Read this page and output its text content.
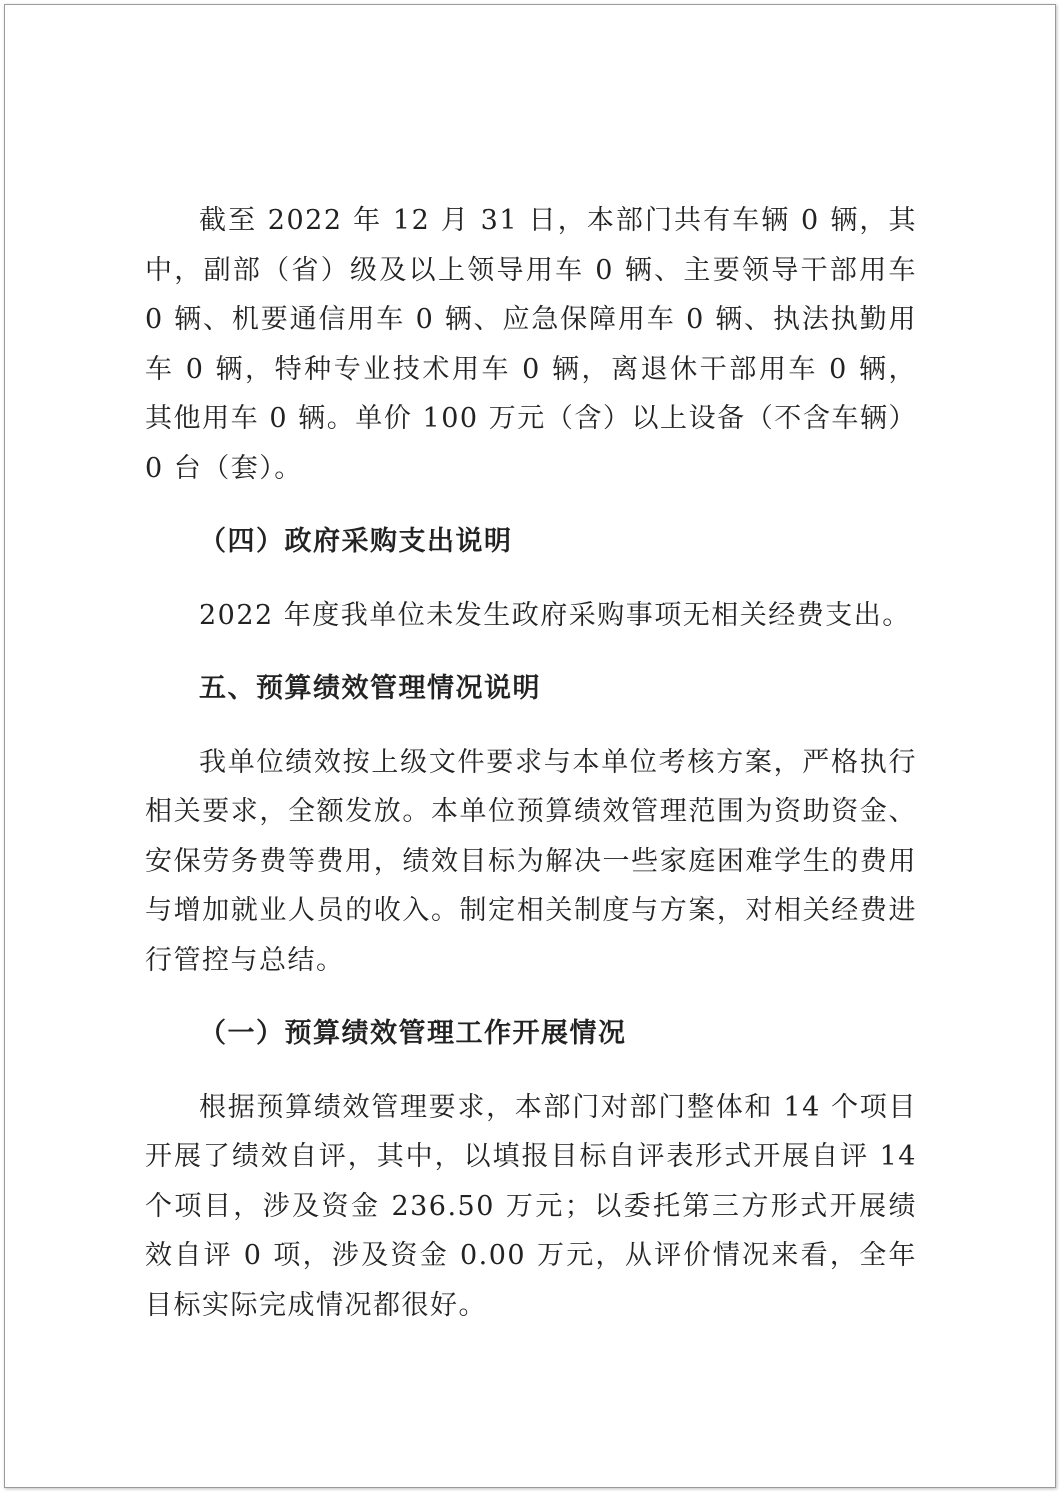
截至 2022 年 12 月 31 日，本部门共有车辆 0 辆，其中，副部（省）级及以上领导用车 0 辆、主要领导干部用车 0 辆、机要通信用车 0 辆、应急保障用车 0 辆、执法执勤用车 0 辆，特种专业技术用车 0 辆，离退休干部用车 0 辆，其他用车 0 辆。单价 100 万元（含）以上设备（不含车辆）0 台（套）。

（四）政府采购支出说明

2022 年度我单位未发生政府采购事项无相关经费支出。

五、预算绩效管理情况说明

我单位绩效按上级文件要求与本单位考核方案，严格执行相关要求，全额发放。本单位预算绩效管理范围为资助资金、安保劳务费等费用，绩效目标为解决一些家庭困难学生的费用与增加就业人员的收入。制定相关制度与方案，对相关经费进行管控与总结。

（一）预算绩效管理工作开展情况

根据预算绩效管理要求，本部门对部门整体和 14 个项目开展了绩效自评，其中，以填报目标自评表形式开展自评 14 个项目，涉及资金 236.50 万元；以委托第三方形式开展绩效自评 0 项，涉及资金 0.00 万元，从评价情况来看，全年目标实际完成情况都很好。
